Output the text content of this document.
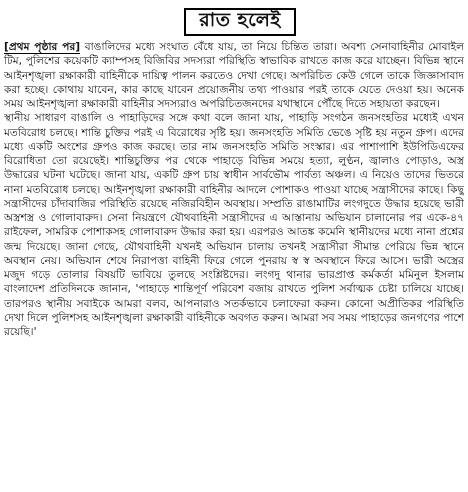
রাত হলেই

[প্রথম পৃষ্ঠার পর] বাঙালিদের মধ্যে সংঘাত বেঁধে যায়, তা নিয়ে চিন্তিত তারা। অবশ্য সেনাবাহিনীর মোবাইল টিম, পুলিশের কয়েকটি ক্যাম্পসহ বিজিবির সদস্যরা পরিস্থিতি স্বাভাবিক রাখতে কাজ করে যাচ্ছেন। বিভিন্ন স্থানে আইনশৃঙ্খলা রক্ষাকারী বাহিনীকে দায়িত্ব পালন করতেও দেখা গেছে। অপরিচিত কেউ গেলে তাকে জিজ্ঞাসাবাদ করা হচ্ছে। কোথায় যাবেন, কার কাছে যাবেন প্রয়োজনীয় তথ্য পাওয়ার পরই তাকে যেতে দেওয়া হয়। অনেক সময় আইনশৃঙ্খলা রক্ষাকারী বাহিনীর সদস্যরাও অপরিচিতজনদের যথাস্থানে পৌঁছে দিতে সহায়তা করছেন।

স্থানীয় সাধারণ বাঙালি ও পাহাড়িদের সঙ্গে কথা বলে জানা যায়, পাহাড়ি সংগঠন জনসংহতির মধ্যেই এখন মতবিরোধ চলছে। শান্তি চুক্তির পরই এ বিরোধের সৃষ্টি হয়। জনসংহতি সমিতি ভেঙে সৃষ্টি হয় নতুন গ্রুপ। এদের মধ্যে একটি অংশের গ্রুপও কাজ করছে। তার নাম জনসংহতি সমিতি সংস্কার। এর পাশাপাশি ইউপিডিএফের বিরোধিতা তো রয়েছেই। শান্তিচুক্তির পর থেকে পাহাড়ে বিভিন্ন সময়ে হত্যা, লুণ্ঠন, জ্বালাও পোড়াও, অস্ত্র উদ্ধারের ঘটনা ঘটেছে। জানা যায়, একটি গ্রুপ চায় স্বাধীন সার্বভৌম পার্বত্য অঞ্চল। এ নিয়েও তাদের ভিতরে নানা মতবিরোধ চলছে। আইনশৃঙ্খলা রক্ষাকারী বাহিনীর আদলে পোশাকও পাওয়া যাচ্ছে সন্ত্রাসীদের কাছে। কিছু সন্ত্রাসীদের চাঁদাবাজির পরিস্থিতি রয়েছে নজিরবিহীন অবস্থায়। সম্প্রতি রাঙামাটির লংগদুতে উদ্ধার হয়েছে ভারী অস্ত্রশস্ত্র ও গোলাবারুদ। সেনা নিয়ন্ত্রণে যৌথবাহিনী সন্ত্রাসীদের এ আস্তানায় অভিযান চালানোর পর একে-৪৭ রাইফেল, সামরিক পোশাকসহ গোলাবারুদ উদ্ধার করা হয়। এরপরও আতঙ্ক কমেনি স্থানীয়দের মধ্যে নানা প্রশ্নের জন্ম দিয়েছে। জানা গেছে, যৌথবাহিনী যখনই অভিযান চালায় তখনই সন্ত্রাসীরা সীমান্ত পেরিয়ে ভিন্ন স্থানে অবস্থান নেয়। অভিযান শেষে নিরাপত্তা বাহিনী ফিরে গেলে পুনরায় স্ব স্ব অবস্থানে ফিরে আসে। ভারী অস্ত্রের মজুদ গড়ে তোলার বিষয়টি ভাবিয়ে তুলছে সংশ্লিষ্টদের। লংগদু থানার ভারপ্রাপ্ত কর্মকর্তা মমিনুল ইসলাম বাংলাদেশ প্রতিদিনকে জানান, 'পাহাড়ে শান্তিপূর্ণ পরিবেশ বজায় রাখতে পুলিশ সর্বাত্মক চেষ্টা চালিয়ে যাচ্ছে। তারপরও স্থানীয় সবাইকে আমরা বলব, আপনারাও সতর্কভাবে চলাফেরা করুন। কোনো অপ্রীতিকর পরিস্থিতি দেখা দিলে পুলিশসহ আইনশৃঙ্খলা রক্ষাকারী বাহিনীকে অবগত করুন। আমরা সব সময় পাহাড়ের জনগণের পাশে রয়েছি।'
